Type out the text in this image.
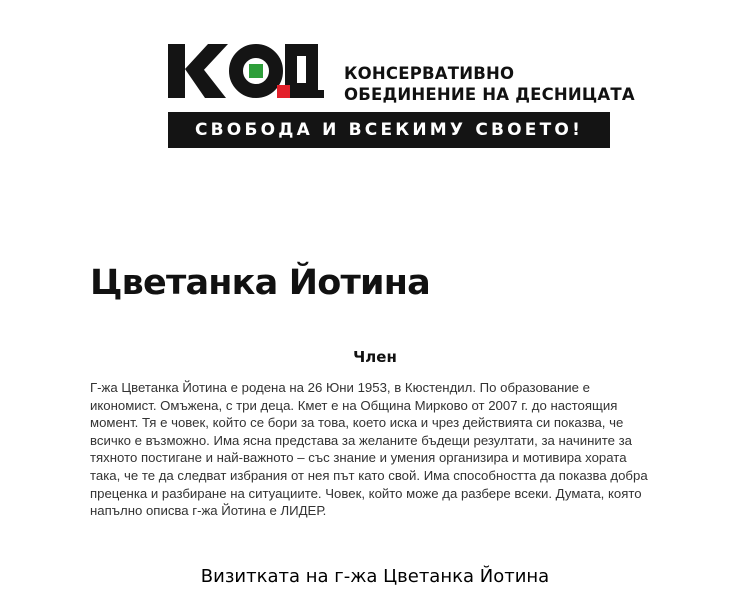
КОНСЕРВАТИВНО
ОБЕДИНЕНИЕ НА ДЕСНИЦАТА
СВОБОДА И ВСЕКИМУ СВОЕТО!
Цветанка Йотина
Член

Г-жа Цветанка Йотина е родена на 26 Юни 1953, в Кюстендил. По образование е икономист. Омъжена, с три деца. Кмет е на Община Мирково от 2007 г. до настоящия момент. Тя е човек, който се бори за това, което иска и чрез действията си показва, че всичко е възможно. Има ясна представа за желаните бъдещи резултати, за начините за тяхното постигане и най-важното – със знание и умения организира и мотивира хората така, че те да следват избрания от нея път като свой. Има способността да показва добра преценка и разбиране на ситуациите. Човек, който може да разбере всеки. Думата, която напълно описва г-жа Йотина е ЛИДЕР.

Визитката на г-жа Цветанка Йотина
